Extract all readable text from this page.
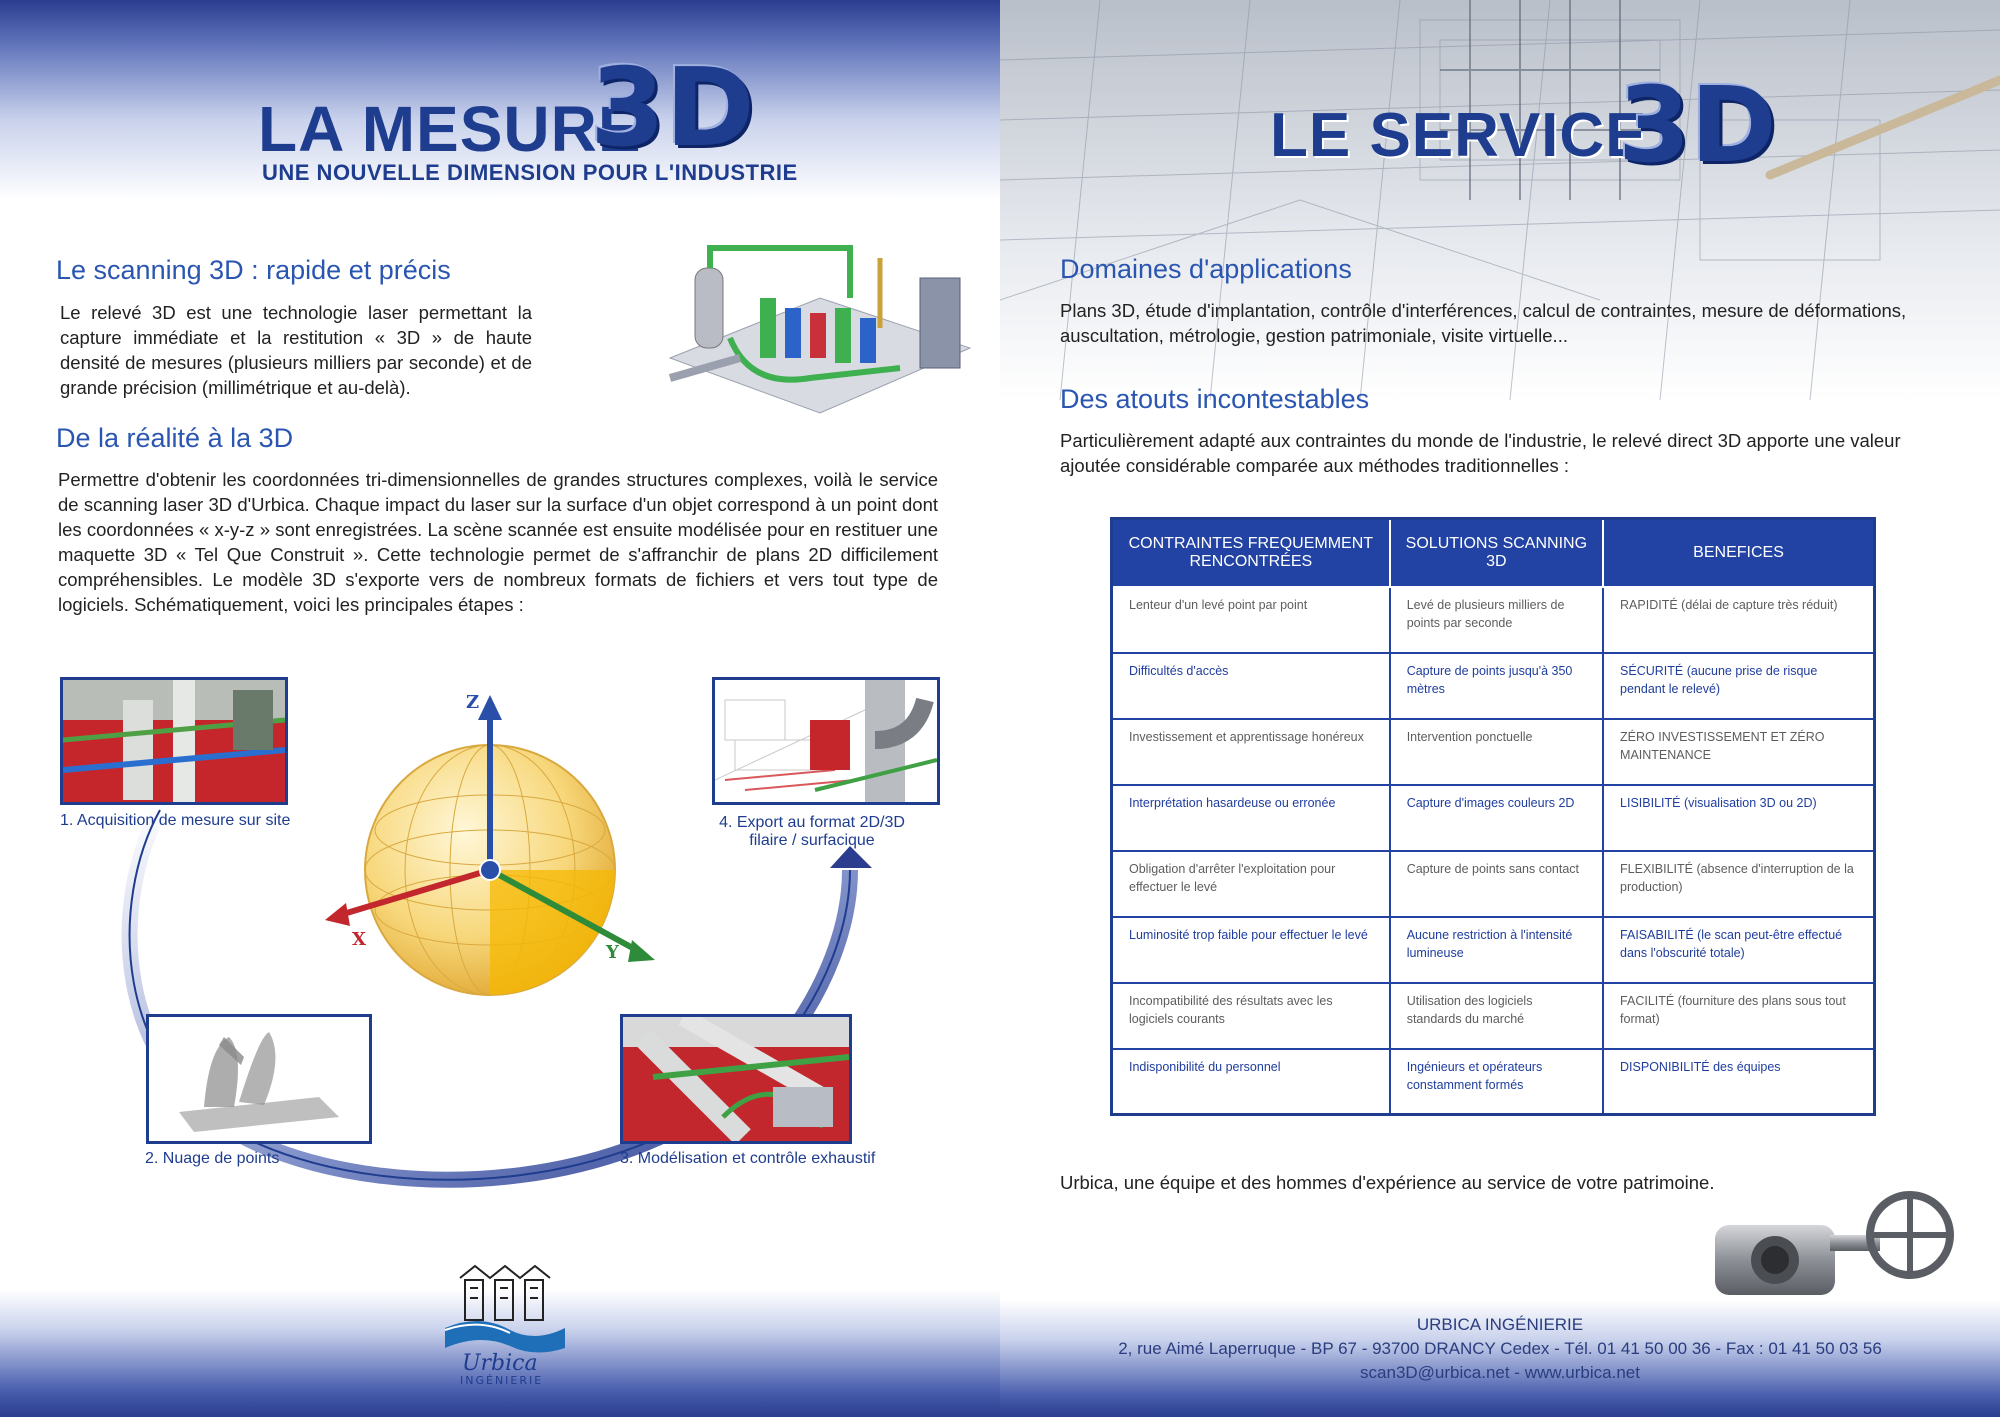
LA MESURE
3D
UNE NOUVELLE DIMENSION POUR L'INDUSTRIE
Le scanning 3D : rapide et précis
Le relevé 3D est une technologie laser permettant la capture immédiate et la restitution « 3D » de haute densité de mesures (plusieurs milliers par seconde) et de grande précision (millimétrique et au-delà).
De la réalité à la 3D
Permettre d'obtenir les coordonnées tri-dimensionnelles de grandes structures complexes, voilà le service de scanning laser 3D d'Urbica. Chaque impact du laser sur la surface d'un objet correspond à un point dont les coordonnées « x-y-z » sont enregistrées. La scène scannée est ensuite modélisée pour en restituer une maquette 3D « Tel Que Construit ». Cette technologie permet de s'affranchir de plans 2D difficilement compréhensibles. Le modèle 3D s'exporte vers de nombreux formats de fichiers et vers tout type de logiciels. Schématiquement, voici les principales étapes :
Z
X
Y
1. Acquisition de mesure sur site
2. Nuage de points	3. Modélisation et contrôle exhaustif
4. Export au format 2D/3D filaire / surfacique
Urbica
INGÉNIERIE
LE SERVICE
3D
Domaines d'applications
Plans 3D, étude d'implantation, contrôle d'interférences, calcul de contraintes, mesure de déformations, auscultation, métrologie, gestion patrimoniale, visite virtuelle...
Des atouts incontestables
Particulièrement adapté aux contraintes du monde de l'industrie, le relevé direct 3D apporte une valeur ajoutée considérable comparée aux méthodes traditionnelles :
CONTRAINTES FREQUEMMENT RENCONTRÉES	SOLUTIONS SCANNING 3D	BENEFICES
Lenteur d'un levé point par point	Levé de plusieurs milliers de points par seconde	RAPIDITÉ (délai de capture très réduit)
Difficultés d'accès	Capture de points jusqu'à 350 mètres	SÉCURITÉ (aucune prise de risque pendant le relevé)
Investissement et apprentissage honéreux	Intervention ponctuelle	ZÉRO INVESTISSEMENT ET ZÉRO MAINTENANCE
Interprétation hasardeuse ou erronée	Capture d'images couleurs 2D	LISIBILITÉ (visualisation 3D ou 2D)
Obligation d'arrêter l'exploitation pour effectuer le levé	Capture de points sans contact	FLEXIBILITÉ (absence d'interruption de la production)
Luminosité trop faible pour effectuer le levé	Aucune restriction à l'intensité lumineuse	FAISABILITÉ (le scan peut-être effectué dans l'obscurité totale)
Incompatibilité des résultats avec les logiciels courants	Utilisation des logiciels standards du marché	FACILITÉ (fourniture des plans sous tout format)
Indisponibilité du personnel	Ingénieurs et opérateurs constamment formés	DISPONIBILITÉ des équipes
Urbica, une équipe et des hommes d'expérience au service de votre patrimoine.
URBICA INGÉNIERIE
2, rue Aimé Laperruque - BP 67 - 93700 DRANCY Cedex - Tél. 01 41 50 00 36 - Fax : 01 41 50 03 56
scan3D@urbica.net - www.urbica.net
